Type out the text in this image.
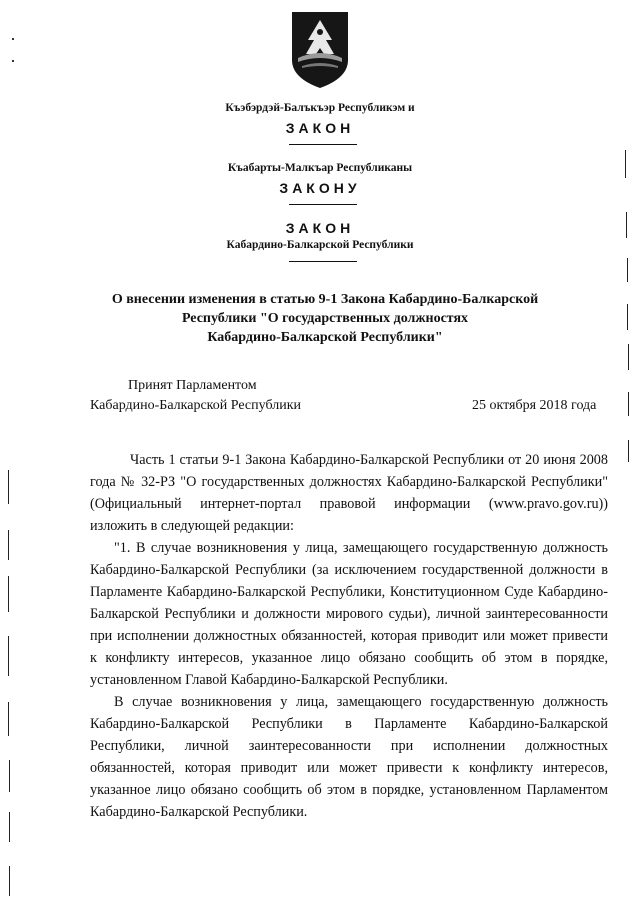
Къэбэрдэй-Балъкъэр Республикэм и
ЗАКОН
Къабарты-Малкъар Республиканы
ЗАКОНУ
ЗАКОН
Кабардино-Балкарской Республики
О внесении изменения в статью 9-1 Закона Кабардино-Балкарской
Республики "О государственных должностях
Кабардино-Балкарской Республики"
Принят Парламентом
Кабардино-Балкарской Республики	25 октября 2018 года

Часть 1 статьи 9-1 Закона Кабардино-Балкарской Республики от 20 июня 2008 года № 32-РЗ "О государственных должностях Кабардино-Балкарской Республики" (Официальный интернет-портал правовой информации (www.pravo.gov.ru)) изложить в следующей редакции:

"1. В случае возникновения у лица, замещающего государственную должность Кабардино-Балкарской Республики (за исключением государственной должности в Парламенте Кабардино-Балкарской Республики, Конституционном Суде Кабардино-Балкарской Республики и должности мирового судьи), личной заинтересованности при исполнении должностных обязанностей, которая приводит или может привести к конфликту интересов, указанное лицо обязано сообщить об этом в порядке, установленном Главой Кабардино-Балкарской Республики.

В случае возникновения у лица, замещающего государственную должность Кабардино-Балкарской Республики в Парламенте Кабардино-Балкарской Республики, личной заинтересованности при исполнении должностных обязанностей, которая приводит или может привести к конфликту интересов, указанное лицо обязано сообщить об этом в порядке, установленном Парламентом Кабардино-Балкарской Республики.
